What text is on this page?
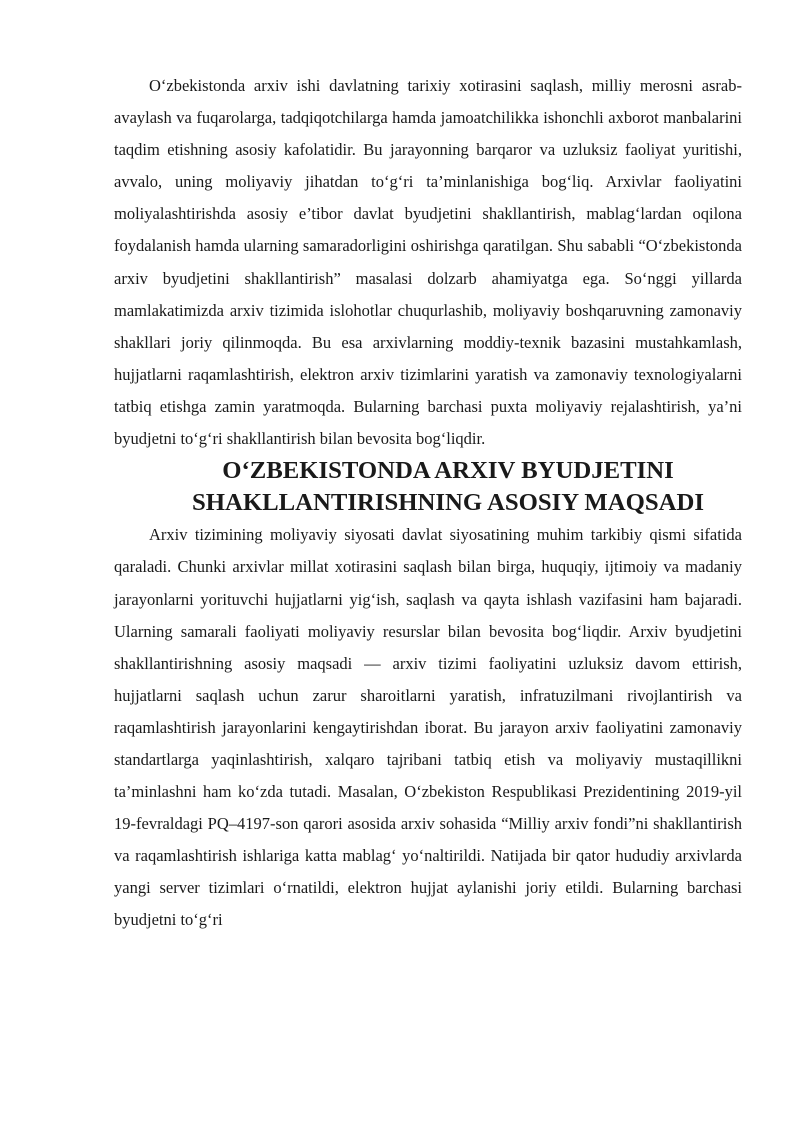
O‘zbekistonda arxiv ishi davlatning tarixiy xotirasini saqlash, milliy merosni asrab-avaylash va fuqarolarga, tadqiqotchilarga hamda jamoatchilikka ishonchli axborot manbalarini taqdim etishning asosiy kafolatidir. Bu jarayonning barqaror va uzluksiz faoliyat yuritishi, avvalo, uning moliyaviy jihatdan to‘g‘ri ta’minlanishiga bog‘liq. Arxivlar faoliyatini moliyalashtirishda asosiy e’tibor davlat byudjetini shakllantirish, mablag‘lardan oqilona foydalanish hamda ularning samaradorligini oshirishga qaratilgan. Shu sababli “O‘zbekistonda arxiv byudjetini shakllantirish” masalasi dolzarb ahamiyatga ega. So‘nggi yillarda mamlakatimizda arxiv tizimida islohotlar chuqurlashib, moliyaviy boshqaruvning zamonaviy shakllari joriy qilinmoqda. Bu esa arxivlarning moddiy-texnik bazasini mustahkamlash, hujjatlarni raqamlashtirish, elektron arxiv tizimlarini yaratish va zamonaviy texnologiyalarni tatbiq etishga zamin yaratmoqda. Bularning barchasi puxta moliyaviy rejalashtirish, ya’ni byudjetni to‘g‘ri shakllantirish bilan bevosita bog‘liqdir.

O‘ZBEKISTONDA ARXIV BYUDJETINI SHAKLLANTIRISHNING ASOSIY MAQSADI

Arxiv tizimining moliyaviy siyosati davlat siyosatining muhim tarkibiy qismi sifatida qaraladi. Chunki arxivlar millat xotirasini saqlash bilan birga, huquqiy, ijtimoiy va madaniy jarayonlarni yorituvchi hujjatlarni yig‘ish, saqlash va qayta ishlash vazifasini ham bajaradi. Ularning samarali faoliyati moliyaviy resurslar bilan bevosita bog‘liqdir. Arxiv byudjetini shakllantirishning asosiy maqsadi — arxiv tizimi faoliyatini uzluksiz davom ettirish, hujjatlarni saqlash uchun zarur sharoitlarni yaratish, infratuzilmani rivojlantirish va raqamlashtirish jarayonlarini kengaytirishdan iborat. Bu jarayon arxiv faoliyatini zamonaviy standartlarga yaqinlashtirish, xalqaro tajribani tatbiq etish va moliyaviy mustaqillikni ta’minlashni ham ko‘zda tutadi. Masalan, O‘zbekiston Respublikasi Prezidentining 2019-yil 19-fevraldagi PQ–4197-son qarori asosida arxiv sohasida “Milliy arxiv fondi”ni shakllantirish va raqamlashtirish ishlariga katta mablag‘ yo‘naltirildi. Natijada bir qator hududiy arxivlarda yangi server tizimlari o‘rnatildi, elektron hujjat aylanishi joriy etildi. Bularning barchasi byudjetni to‘g‘ri
